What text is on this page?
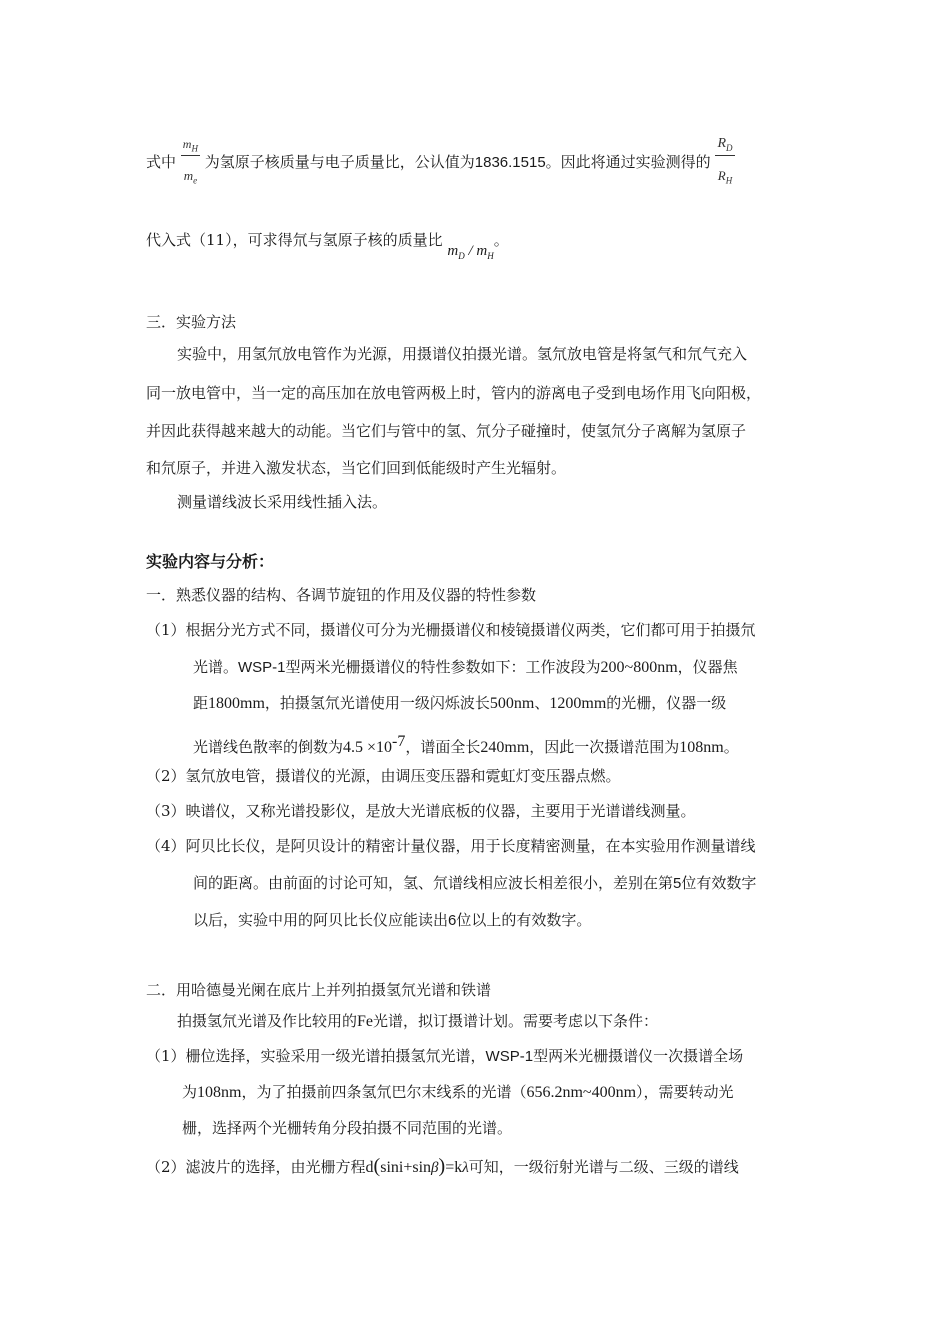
式中 $\frac{m_H}{m_e}$ 为氢原子核质量与电子质量比，公认值为1836.1515。因此将通过实验测得的 $\frac{R_D}{R_H}$
代入式（11），可求得氘与氢原子核的质量比 $m_D / m_H$。
三．实验方法
实验中，用氢氘放电管作为光源，用摄谱仪拍摄光谱。氢氘放电管是将氢气和氘气充入
同一放电管中，当一定的高压加在放电管两极上时，管内的游离电子受到电场作用飞向阳极，
并因此获得越来越大的动能。当它们与管中的氢、氘分子碰撞时，使氢氘分子离解为氢原子
和氘原子，并进入激发状态，当它们回到低能级时产生光辐射。
测量谱线波长采用线性插入法。
实验内容与分析：
一．熟悉仪器的结构、各调节旋钮的作用及仪器的特性参数
（1）根据分光方式不同，摄谱仪可分为光栅摄谱仪和棱镜摄谱仪两类，它们都可用于拍摄氘
光谱。WSP-1型两米光栅摄谱仪的特性参数如下：工作波段为200~800nm，仪器焦
距1800mm，拍摄氢氘光谱使用一级闪烁波长500nm、1200mm的光栅，仪器一级
光谱线色散率的倒数为$4.5 \times 10^{-7}$，谱面全长240mm，因此一次摄谱范围为108nm。
（2）氢氘放电管，摄谱仪的光源，由调压变压器和霓虹灯变压器点燃。
（3）映谱仪，又称光谱投影仪，是放大光谱底板的仪器，主要用于光谱谱线测量。
（4）阿贝比长仪，是阿贝设计的精密计量仪器，用于长度精密测量，在本实验用作测量谱线
间的距离。由前面的讨论可知，氢、氘谱线相应波长相差很小，差别在第5位有效数字
以后，实验中用的阿贝比长仪应能读出6位以上的有效数字。
二．用哈德曼光阑在底片上并列拍摄氢氘光谱和铁谱
拍摄氢氘光谱及作比较用的Fe光谱，拟订摄谱计划。需要考虑以下条件：
（1）栅位选择，实验采用一级光谱拍摄氢氘光谱，WSP-1型两米光栅摄谱仪一次摄谱全场
为108nm，为了拍摄前四条氢氘巴尔末线系的光谱（656.2nm~400nm），需要转动光
栅，选择两个光栅转角分段拍摄不同范围的光谱。
（2）滤波片的选择，由光栅方程d(sini+sinβ)=kλ可知，一级衍射光谱与二级、三级的谱线
